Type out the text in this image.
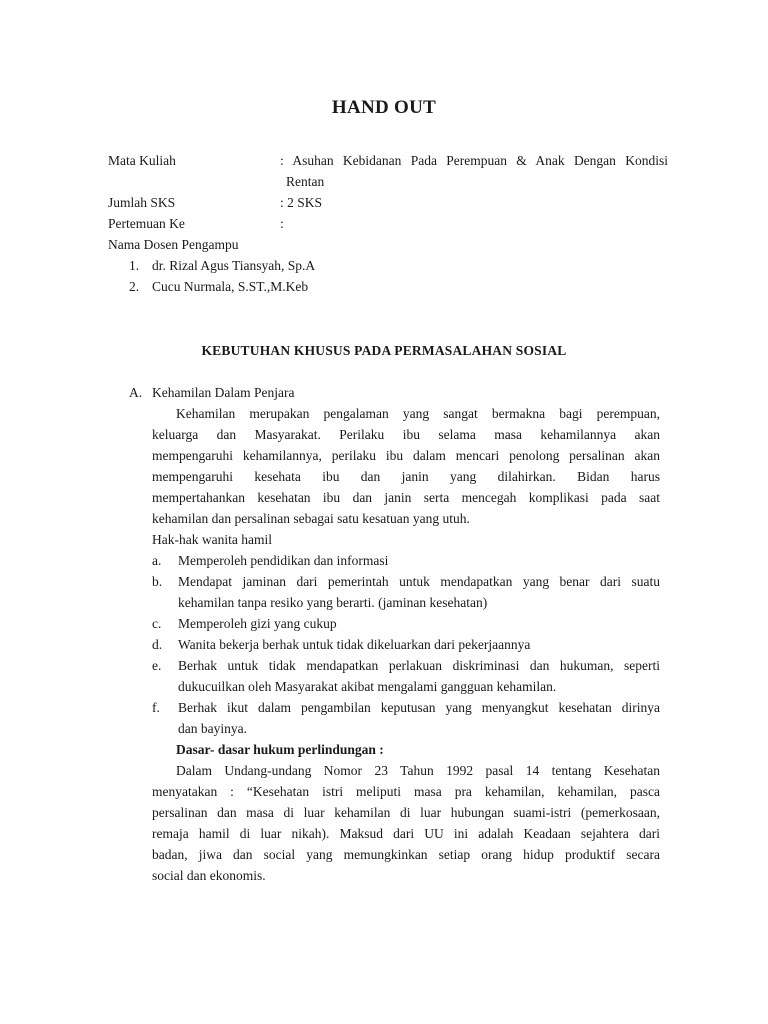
HAND OUT
Mata Kuliah	: Asuhan Kebidanan Pada Perempuan & Anak Dengan Kondisi
Rentan
Jumlah SKS	: 2 SKS
Pertemuan Ke	:
Nama Dosen Pengampu
1. dr. Rizal Agus Tiansyah, Sp.A
2. Cucu Nurmala, S.ST.,M.Keb
KEBUTUHAN KHUSUS PADA PERMASALAHAN SOSIAL
A. Kehamilan Dalam Penjara
Kehamilan merupakan pengalaman yang sangat bermakna bagi perempuan,
keluarga dan Masyarakat. Perilaku ibu selama masa kehamilannya akan
mempengaruhi kehamilannya, perilaku ibu dalam mencari penolong persalinan akan
mempengaruhi kesehata ibu dan janin yang dilahirkan. Bidan harus
mempertahankan kesehatan ibu dan janin serta mencegah komplikasi pada saat
kehamilan dan persalinan sebagai satu kesatuan yang utuh.
Hak-hak wanita hamil
a.	Memperoleh pendidikan dan informasi
b.	Mendapat jaminan dari pemerintah untuk mendapatkan yang benar dari suatu
kehamilan tanpa resiko yang berarti. (jaminan kesehatan)
c.	Memperoleh gizi yang cukup
d.	Wanita bekerja berhak untuk tidak dikeluarkan dari pekerjaannya
e.	Berhak untuk tidak mendapatkan perlakuan diskriminasi dan hukuman, seperti
dukucuilkan oleh Masyarakat akibat mengalami gangguan kehamilan.
f.	Berhak ikut dalam pengambilan keputusan yang menyangkut kesehatan dirinya
dan bayinya.
Dasar- dasar hukum perlindungan :
Dalam Undang-undang Nomor 23 Tahun 1992 pasal 14 tentang Kesehatan
menyatakan : “Kesehatan istri meliputi masa pra kehamilan, kehamilan, pasca
persalinan dan masa di luar kehamilan di luar hubungan suami-istri (pemerkosaan,
remaja hamil di luar nikah). Maksud dari UU ini adalah Keadaan sejahtera dari
badan, jiwa dan social yang memungkinkan setiap orang hidup produktif secara
social dan ekonomis.
